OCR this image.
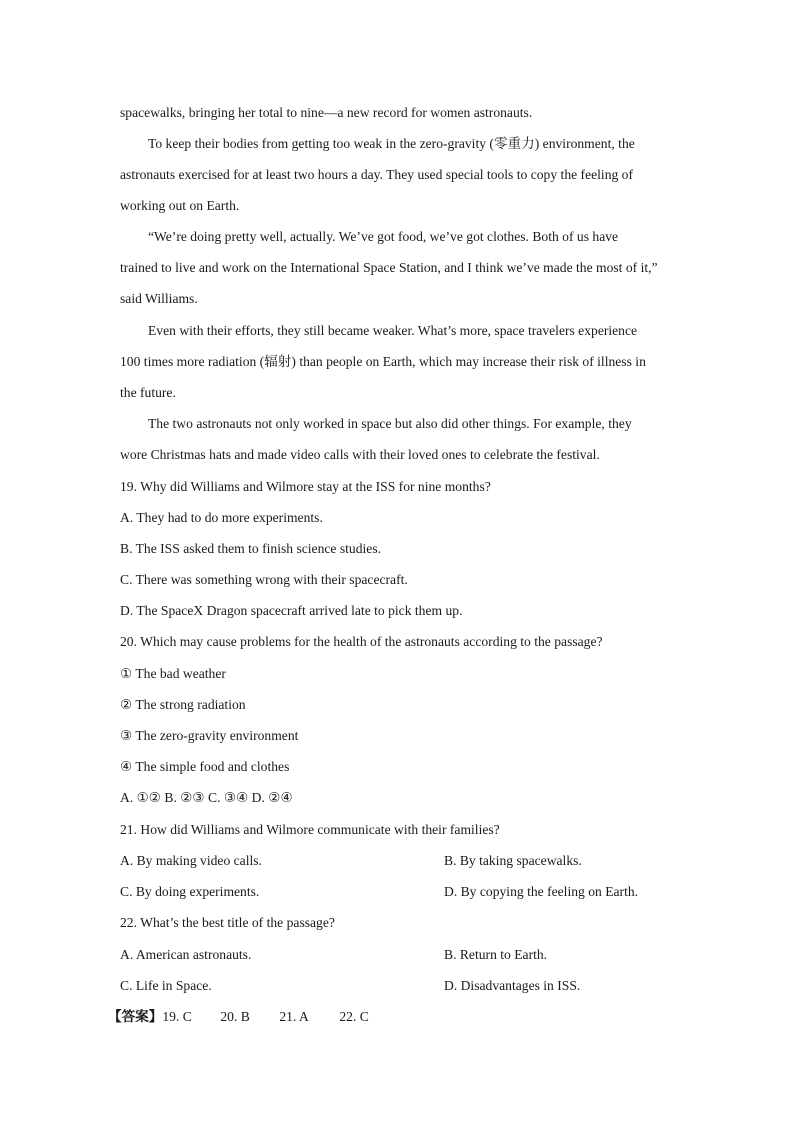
spacewalks, bringing her total to nine—a new record for women astronauts.
To keep their bodies from getting too weak in the zero-gravity (零重力) environment, the
astronauts exercised for at least two hours a day. They used special tools to copy the feeling of
working out on Earth.
“We’re doing pretty well, actually. We’ve got food, we’ve got clothes. Both of us have
trained to live and work on the International Space Station, and I think we’ve made the most of it,”
said Williams.
Even with their efforts, they still became weaker. What’s more, space travelers experience
100 times more radiation (辐射) than people on Earth, which may increase their risk of illness in
the future.
The two astronauts not only worked in space but also did other things. For example, they
wore Christmas hats and made video calls with their loved ones to celebrate the festival.
19. Why did Williams and Wilmore stay at the ISS for nine months?
A. They had to do more experiments.
B. The ISS asked them to finish science studies.
C. There was something wrong with their spacecraft.
D. The SpaceX Dragon spacecraft arrived late to pick them up.
20. Which may cause problems for the health of the astronauts according to the passage?
① The bad weather
② The strong radiation
③ The zero-gravity environment
④ The simple food and clothes
A. ①② B. ②③ C. ③④ D. ②④
21. How did Williams and Wilmore communicate with their families?
A. By making video calls.	B. By taking spacewalks.
C. By doing experiments.	D. By copying the feeling on Earth.
22. What’s the best title of the passage?
A. American astronauts.	B. Return to Earth.
C. Life in Space.	D. Disadvantages in ISS.
【答案】19. C 20. B 21. A 22. C
